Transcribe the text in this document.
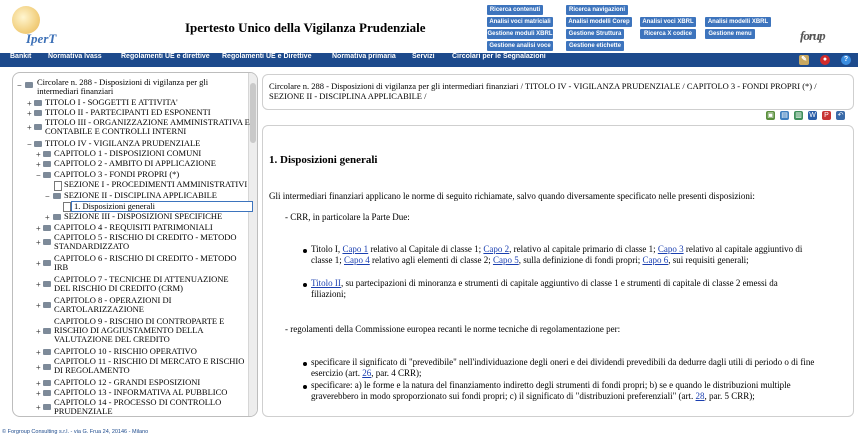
IperT
Ipertesto Unico della Vigilanza Prudenziale
Ricerca contenuti	Ricerca navigazioni
Analisi voci matriciali	Analisi modelli Corep	Analisi voci XBRL	Analisi modelli XBRL
Gestione moduli XBRL	Gestione Struttura	Ricerca X codice	Gestione menu
Gestione analisi voce	Gestione etichette
forup
Bankit Normativa Ivass	Regolamenti UE e direttive Regolamenti UE e Direttive	Normativa primaria Servizi Circolari per le Segnalazioni	✎	●	?
− Circolare n. 288 - Disposizioni di vigilanza per gli intermediari finanziari
+ TITOLO I - SOGGETTI E ATTIVITA'
+ TITOLO II - PARTECIPANTI ED ESPONENTI
+
TITOLO III - ORGANIZZAZIONE AMMINISTRATIVA E CONTABILE E CONTROLLI INTERNI
− TITOLO IV - VIGILANZA PRUDENZIALE
+ CAPITOLO 1 - DISPOSIZIONI COMUNI
+ CAPITOLO 2 - AMBITO DI APPLICAZIONE
− CAPITOLO 3 - FONDI PROPRI (*)
SEZIONE I - PROCEDIMENTI AMMINISTRATIVI
− SEZIONE II - DISCIPLINA APPLICABILE
1. Disposizioni generali
+ SEZIONE III - DISPOSIZIONI SPECIFICHE
+ CAPITOLO 4 - REQUISITI PATRIMONIALI
+
CAPITOLO 5 - RISCHIO DI CREDITO - METODO STANDARDIZZATO
+
CAPITOLO 6 - RISCHIO DI CREDITO - METODO IRB
+
CAPITOLO 7 - TECNICHE DI ATTENUAZIONE DEL RISCHIO DI CREDITO (CRM)
+
CAPITOLO 8 - OPERAZIONI DI CARTOLARIZZAZIONE
+
CAPITOLO 9 - RISCHIO DI CONTROPARTE E RISCHIO DI AGGIUSTAMENTO DELLA VALUTAZIONE DEL CREDITO
+ CAPITOLO 10 - RISCHIO OPERATIVO
+
CAPITOLO 11 - RISCHIO DI MERCATO E RISCHIO DI REGOLAMENTO
+ CAPITOLO 12 - GRANDI ESPOSIZIONI
+ CAPITOLO 13 - INFORMATIVA AL PUBBLICO
+
CAPITOLO 14 - PROCESSO DI CONTROLLO PRUDENZIALE
Circolare n. 288 - Disposizioni di vigilanza per gli intermediari finanziari / TITOLO IV - VIGILANZA PRUDENZIALE / CAPITOLO 3 - FONDI PROPRI (*) / SEZIONE II - DISCIPLINA APPLICABILE /
▣ ▤ ▥ W	P	↶
1. Disposizioni generali
Gli intermediari finanziari applicano le norme di seguito richiamate, salvo quando diversamente specificato nelle presenti disposizioni:
- CRR, in particolare la Parte Due:
Titolo I, Capo 1 relativo al Capitale di classe 1; Capo 2, relativo al capitale primario di classe 1; Capo 3 relativo al capitale aggiuntivo di classe 1; Capo 4 relativo agli elementi di classe 2; Capo 5, sulla definizione di fondi propri; Capo 6, sui requisiti generali;
Titolo II, su partecipazioni di minoranza e strumenti di capitale aggiuntivo di classe 1 e strumenti di capitale di classe 2 emessi da filiazioni;
- regolamenti della Commissione europea recanti le norme tecniche di regolamentazione per:
specificare il significato di "prevedibile" nell'individuazione degli oneri e dei dividendi prevedibili da dedurre dagli utili di periodo o di fine esercizio (art. 26, par. 4 CRR);
specificare: a) le forme e la natura del finanziamento indiretto degli strumenti di fondi propri; b) se e quando le distribuzioni multiple graverebbero in modo sproporzionato sui fondi propri; c) il significato di "distribuzioni preferenziali" (art. 28, par. 5 CRR);
© Forgroup Consulting s.r.l. - via G. Frua 24, 20146 - Milano
